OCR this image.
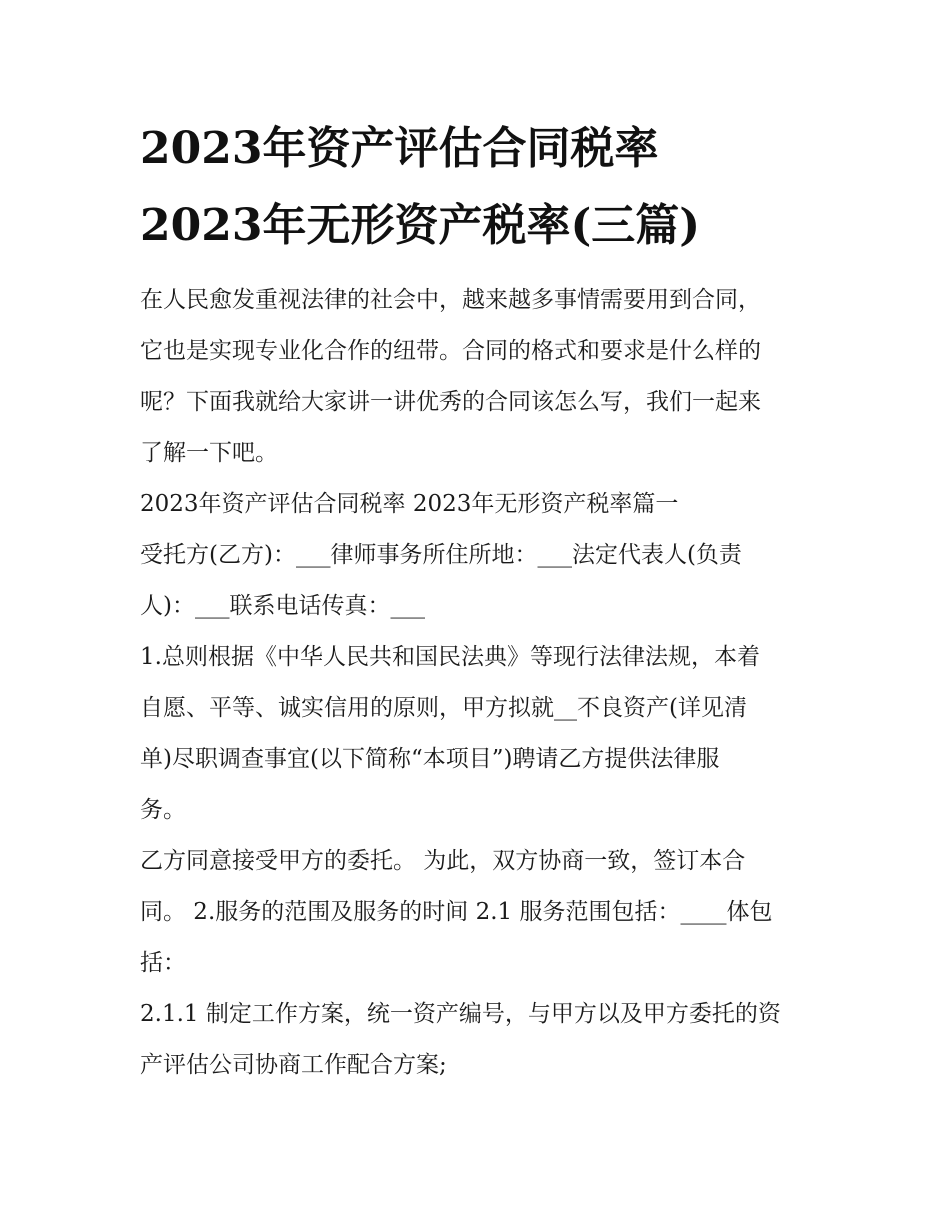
2023年资产评估合同税率
2023年无形资产税率(三篇)

在人民愈发重视法律的社会中，越来越多事情需要用到合同，

它也是实现专业化合作的纽带。合同的格式和要求是什么样的

呢？下面我就给大家讲一讲优秀的合同该怎么写，我们一起来

了解一下吧。

2023年资产评估合同税率 2023年无形资产税率篇一

受托方(乙方)：___律师事务所住所地：___法定代表人(负责

人)：___联系电话传真：___

1.总则根据《中华人民共和国民法典》等现行法律法规，本着

自愿、平等、诚实信用的原则，甲方拟就__不良资产(详见清

单)尽职调查事宜(以下简称“本项目”)聘请乙方提供法律服

务。

乙方同意接受甲方的委托。 为此，双方协商一致，签订本合

同。 2.服务的范围及服务的时间 2.1 服务范围包括：____体包

括：

2.1.1 制定工作方案，统一资产编号，与甲方以及甲方委托的资

产评估公司协商工作配合方案;
